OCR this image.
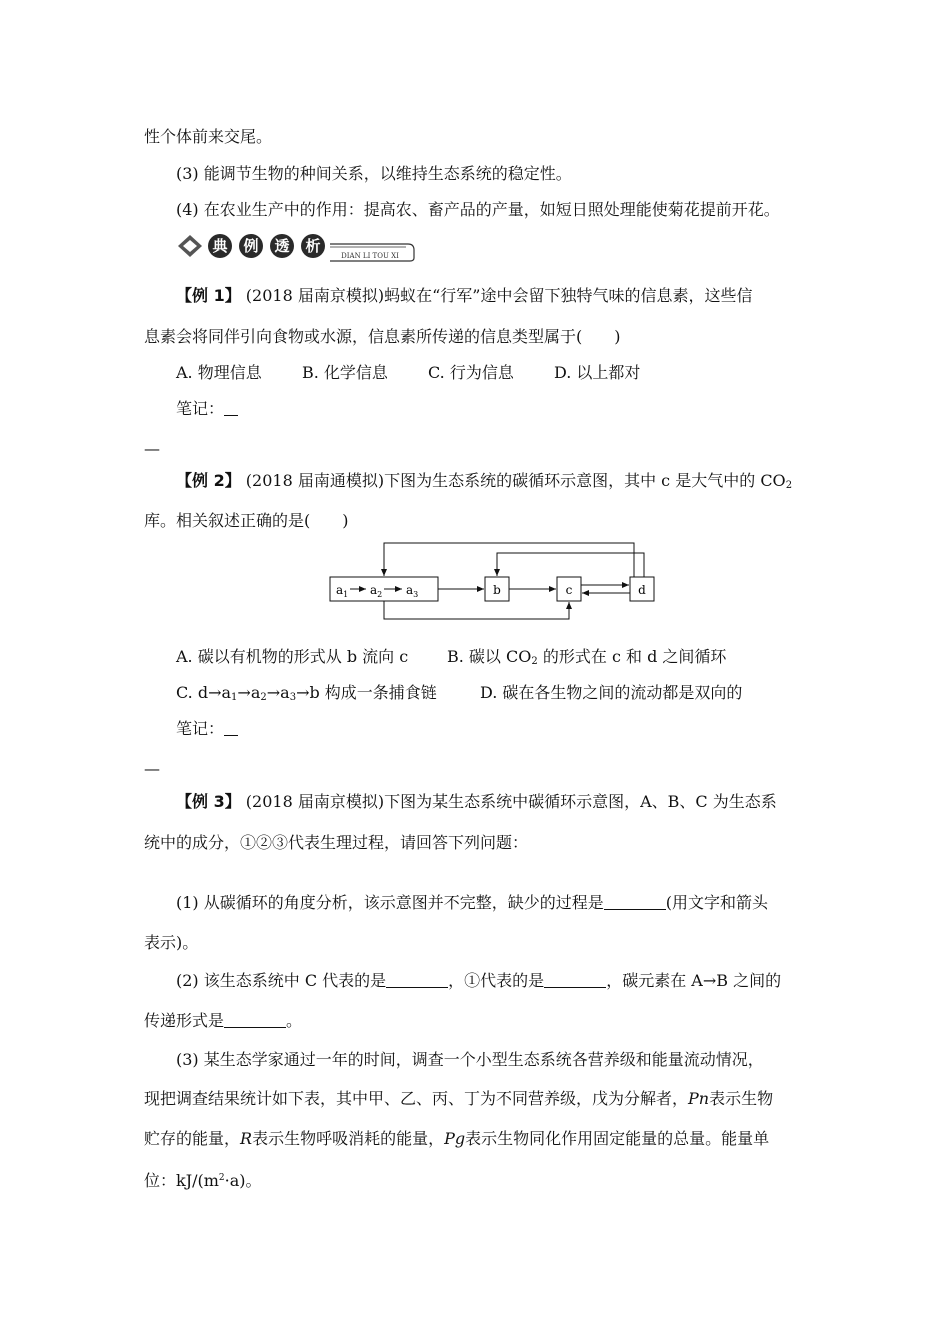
性个体前来交尾。
(3) 能调节生物的种间关系，以维持生态系统的稳定性。
(4) 在农业生产中的作用：提高农、畜产品的产量，如短日照处理能使菊花提前开花。
典 例 透 析
DIAN LI TOU XI
【例 1】 (2018 届南京模拟)蚂蚁在“行军”途中会留下独特气味的信息素，这些信
息素会将同伴引向食物或水源，信息素所传递的信息类型属于(　　)
A. 物理信息	B. 化学信息	C. 行为信息	D. 以上都对
笔记：
—
【例 2】 (2018 届南通模拟)下图为生态系统的碳循环示意图，其中 c 是大气中的 $CO_2$
库。相关叙述正确的是(　　)
$a_1$ $a_2$ $a_3$	b	c	d
A. 碳以有机物的形式从 b 流向 c B. 碳以 $CO_2$ 的形式在 c 和 d 之间循环
C. $d\to a_1\to a_2\to a_3\to b$ 构成一条捕食链	D. 碳在各生物之间的流动都是双向的
笔记：
—
【例 3】 (2018 届南京模拟)下图为某生态系统中碳循环示意图，A、B、C 为生态系
统中的成分，①②③代表生理过程，请回答下列问题：
(1) 从碳循环的角度分析，该示意图并不完整，缺少的过程是	(用文字和箭头
表示)。
(2) 该生态系统中 C 代表的是	，①代表的是	，碳元素在 A→B 之间的
传递形式是	。
(3) 某生态学家通过一年的时间，调查一个小型生态系统各营养级和能量流动情况，
现把调查结果统计如下表，其中甲、乙、丙、丁为不同营养级，戊为分解者，Pn表示生物
贮存的能量，R表示生物呼吸消耗的能量，Pg表示生物同化作用固定能量的总量。能量单
位：$kJ/(m^2\cdot a)$。
